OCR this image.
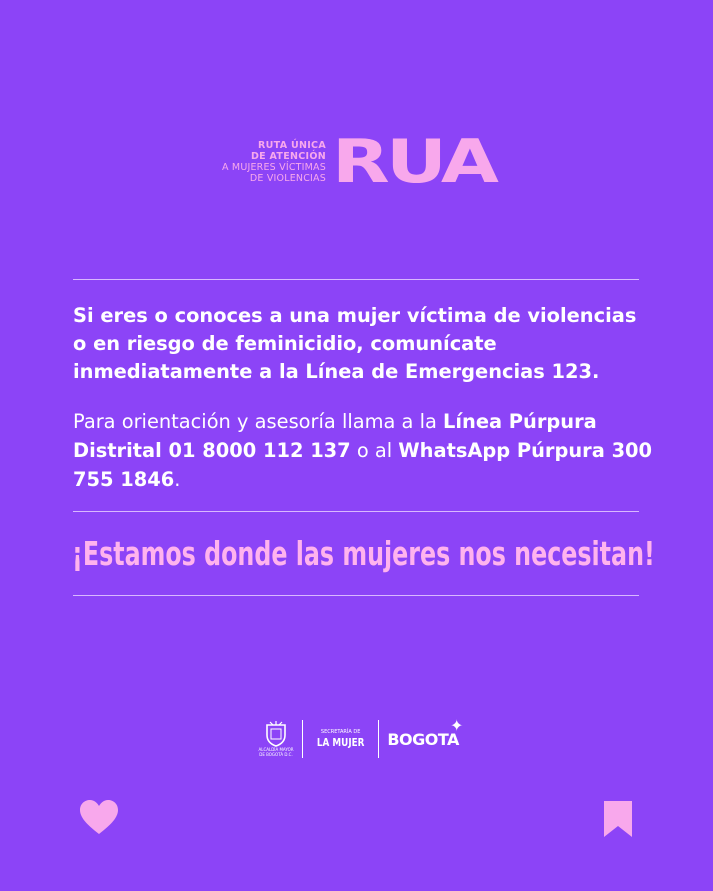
RUTA ÚNICA
DE ATENCIÓN
A MUJERES VÍCTIMAS
DE VIOLENCIAS RUA
Si eres o conoces a una mujer víctima de violencias o en riesgo de feminicidio, comunícate inmediatamente a la Línea de Emergencias 123.
Para orientación y asesoría llama a la Línea Púrpura Distrital 01 8000 112 137 o al WhatsApp Púrpura 300 755 1846.
¡Estamos donde las mujeres nos necesitan!
ALCALDÍA MAYOR DE BOGOTÁ D.C.
SECRETARÍA DE
LA MUJER BOGOTA
✦
